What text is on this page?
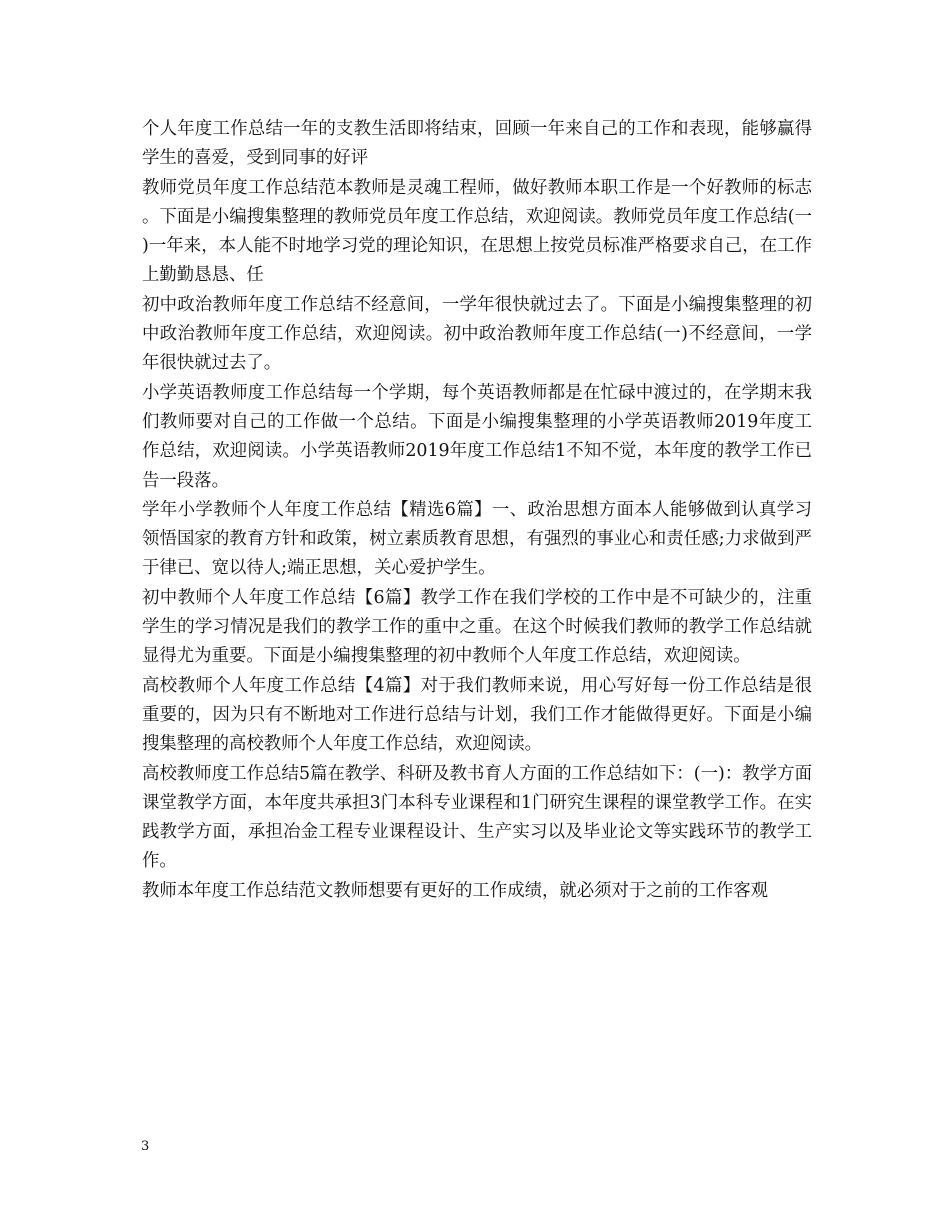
个人年度工作总结一年的支教生活即将结束，回顾一年来自己的工作和表现，能够赢得学生的喜爱，受到同事的好评

教师党员年度工作总结范本教师是灵魂工程师，做好教师本职工作是一个好教师的标志。下面是小编搜集整理的教师党员年度工作总结，欢迎阅读。教师党员年度工作总结(一)一年来，本人能不时地学习党的理论知识，在思想上按党员标准严格要求自己，在工作上勤勤恳恳、任

初中政治教师年度工作总结不经意间，一学年很快就过去了。下面是小编搜集整理的初中政治教师年度工作总结，欢迎阅读。初中政治教师年度工作总结(一)不经意间，一学年很快就过去了。

小学英语教师度工作总结每一个学期，每个英语教师都是在忙碌中渡过的，在学期末我们教师要对自己的工作做一个总结。下面是小编搜集整理的小学英语教师2019年度工作总结，欢迎阅读。小学英语教师2019年度工作总结1不知不觉，本年度的教学工作已告一段落。

学年小学教师个人年度工作总结【精选6篇】一、政治思想方面本人能够做到认真学习领悟国家的教育方针和政策，树立素质教育思想，有强烈的事业心和责任感;力求做到严于律已、宽以待人;端正思想，关心爱护学生。

初中教师个人年度工作总结【6篇】教学工作在我们学校的工作中是不可缺少的，注重学生的学习情况是我们的教学工作的重中之重。在这个时候我们教师的教学工作总结就显得尤为重要。下面是小编搜集整理的初中教师个人年度工作总结，欢迎阅读。

高校教师个人年度工作总结【4篇】对于我们教师来说，用心写好每一份工作总结是很重要的，因为只有不断地对工作进行总结与计划，我们工作才能做得更好。下面是小编搜集整理的高校教师个人年度工作总结，欢迎阅读。

高校教师度工作总结5篇在教学、科研及教书育人方面的工作总结如下：(一)：教学方面课堂教学方面，本年度共承担3门本科专业课程和1门研究生课程的课堂教学工作。在实践教学方面，承担冶金工程专业课程设计、生产实习以及毕业论文等实践环节的教学工作。

教师本年度工作总结范文教师想要有更好的工作成绩，就必须对于之前的工作客观

3
